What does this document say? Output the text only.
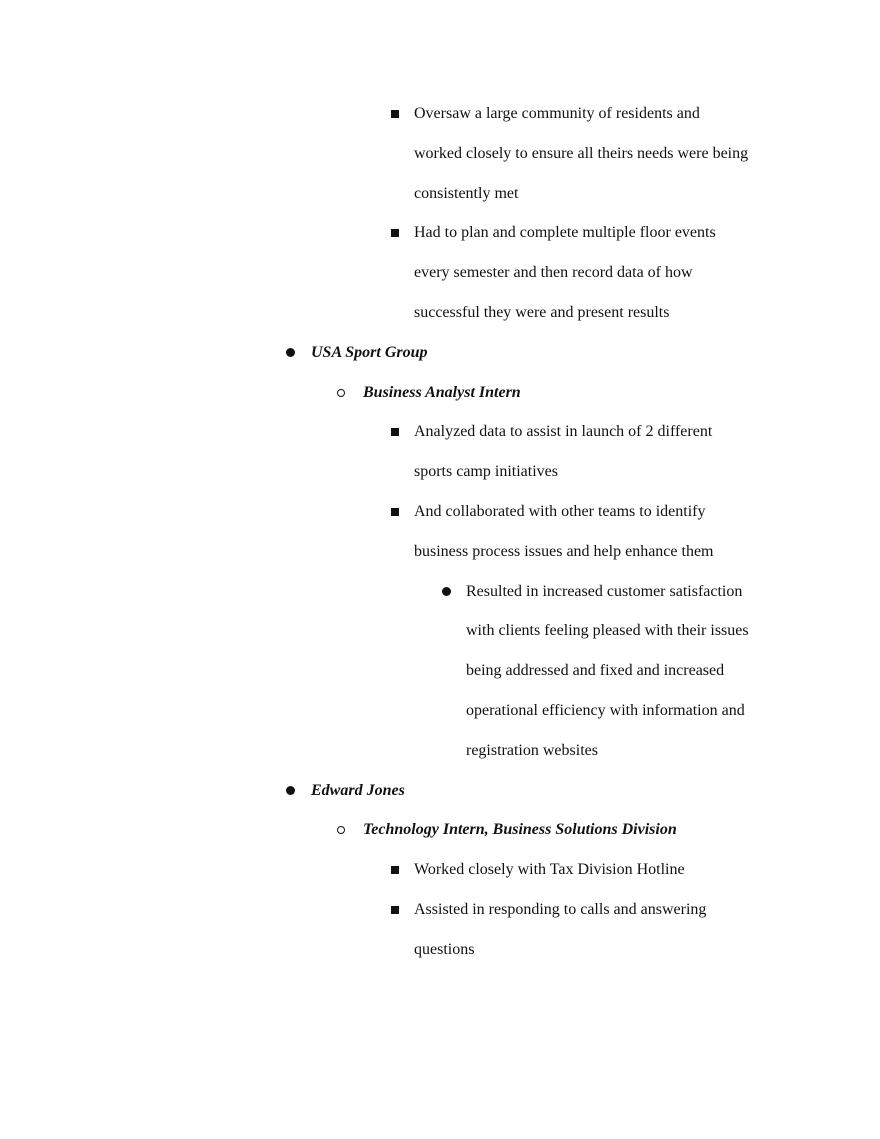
Oversaw a large community of residents and
worked closely to ensure all theirs needs were being
consistently met
Had to plan and complete multiple floor events
every semester and then record data of how
successful they were and present results
USA Sport Group
Business Analyst Intern
Analyzed data to assist in launch of 2 different
sports camp initiatives
And collaborated with other teams to identify
business process issues and help enhance them
Resulted in increased customer satisfaction
with clients feeling pleased with their issues
being addressed and fixed and increased
operational efficiency with information and
registration websites
Edward Jones
Technology Intern, Business Solutions Division
Worked closely with Tax Division Hotline
Assisted in responding to calls and answering
questions
